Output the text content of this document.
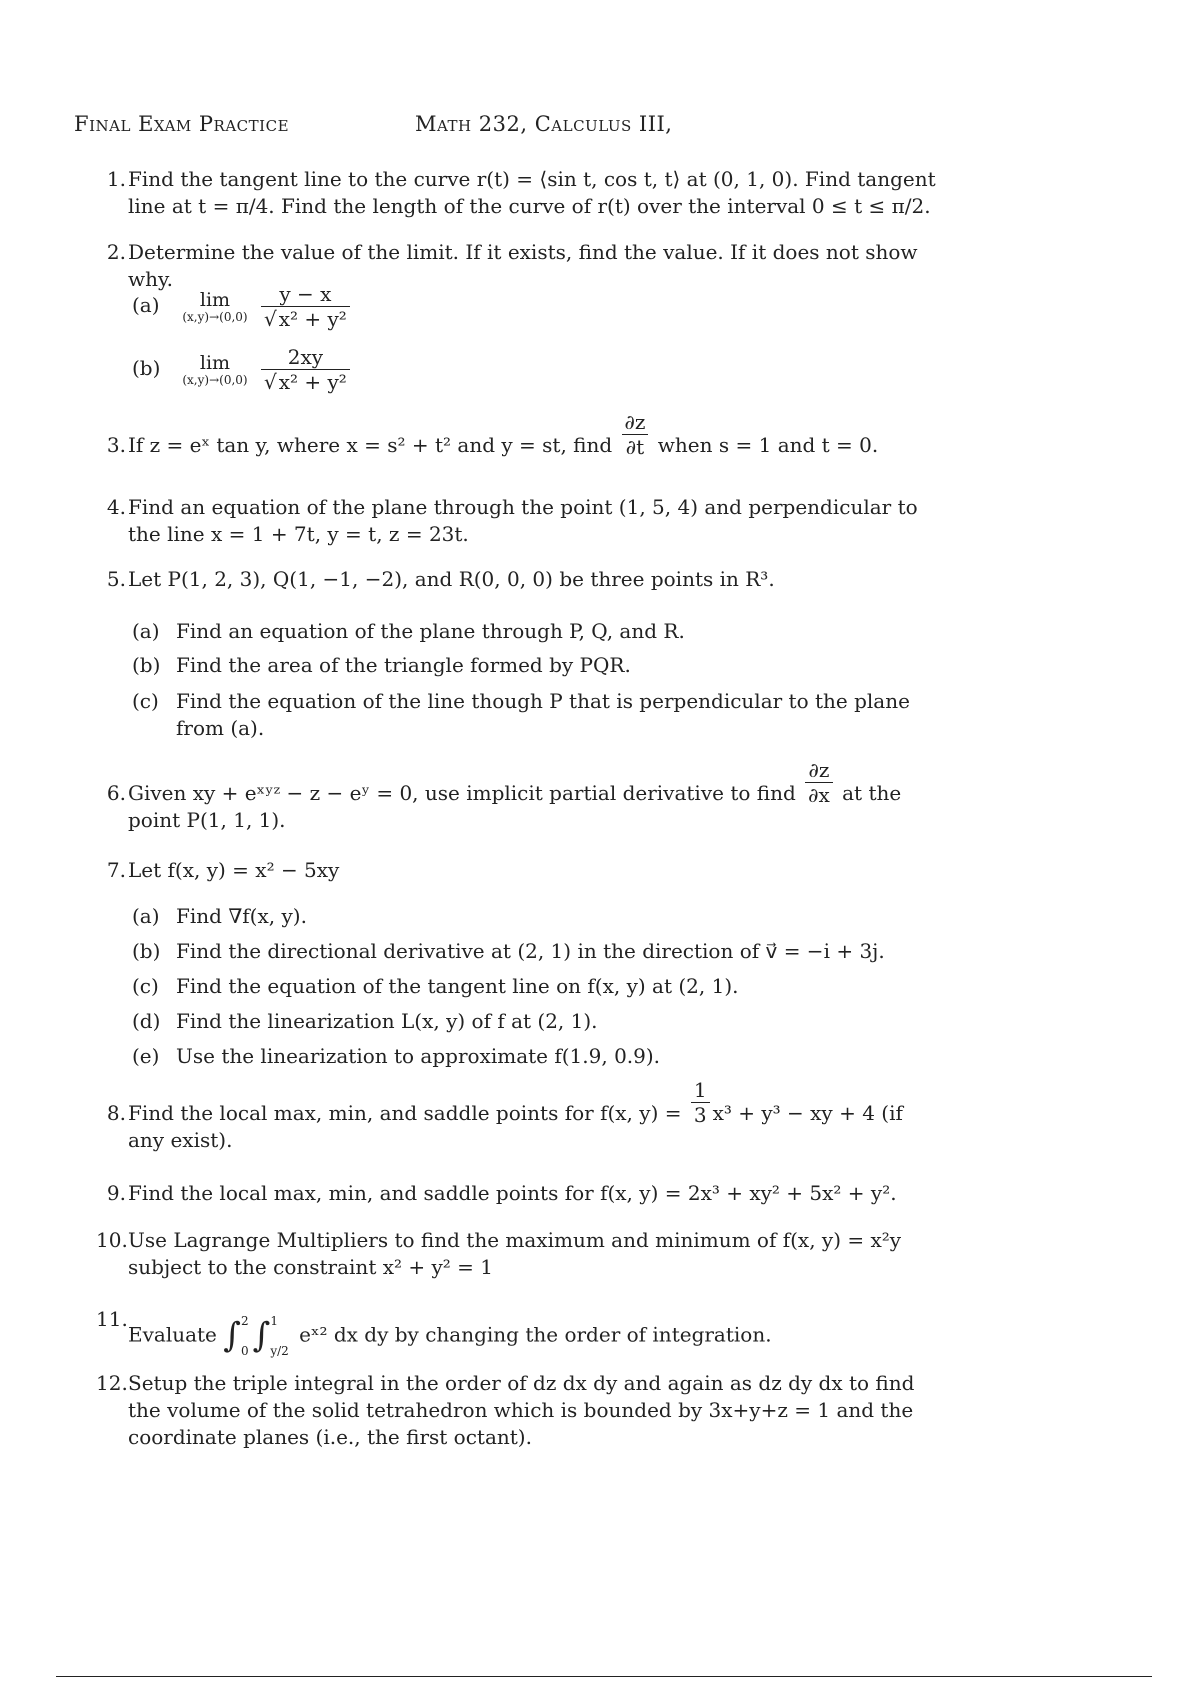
Final Exam Practice	Math 232, Calculus III,
1. Find the tangent line to the curve r(t) = ⟨sin t, cos t, t⟩ at (0, 1, 0). Find tangent line at t = π/4. Find the length of the curve of r(t) over the interval 0 ≤ t ≤ π/2.
2. Determine the value of the limit. If it exists, find the value. If it does not show why.
(a)	lim
(x,y)→(0,0)
$\frac{y - x}{\text{√ x² + y²}}$
(b)	lim
(x,y)→(0,0)
$\frac{2xy}{\text{√ x² + y²}}$
3. If z = eˣ tan y, where x = s² + t² and y = st, find $\frac{\partial z}{\partial t}$ when s = 1 and t = 0.
4. Find an equation of the plane through the point (1, 5, 4) and perpendicular to the line x = 1 + 7t, y = t, z = 23t.
5. Let P(1, 2, 3), Q(1, −1, −2), and R(0, 0, 0) be three points in R³.
(a) Find an equation of the plane through P, Q, and R.
(b) Find the area of the triangle formed by PQR.
(c) Find the equation of the line though P that is perpendicular to the plane from (a).
6. Given xy + eˣʸᶻ − z − eʸ = 0, use implicit partial derivative to find $\frac{\partial z}{\partial x}$ at the point P(1, 1, 1).
7. Let f(x, y) = x² − 5xy
(a) Find ∇f(x, y).
(b) Find the directional derivative at (2, 1) in the direction of v⃗ = −i + 3j.
(c) Find the equation of the tangent line on f(x, y) at (2, 1).
(d) Find the linearization L(x, y) of f at (2, 1).
(e) Use the linearization to approximate f(1.9, 0.9).
8. Find the local max, min, and saddle points for f(x, $y) = \frac{1}{3} x^3 + y^3$ − xy + 4 (if any exist).
9. Find the local max, min, and saddle points for f(x, y) = 2x³ + xy² + 5x² + y².
10. Use Lagrange Multipliers to find the maximum and minimum of f(x, y) = x²y subject to the constraint x² + y² = 1
11.
Evaluate ∫ 2
0 ∫ 1
y/2
eˣ² dx dy by changing the order of integration.
12. Setup the triple integral in the order of dz dx dy and again as dz dy dx to find the volume of the solid tetrahedron which is bounded by 3x+y+z = 1 and the coordinate planes (i.e., the first octant).
